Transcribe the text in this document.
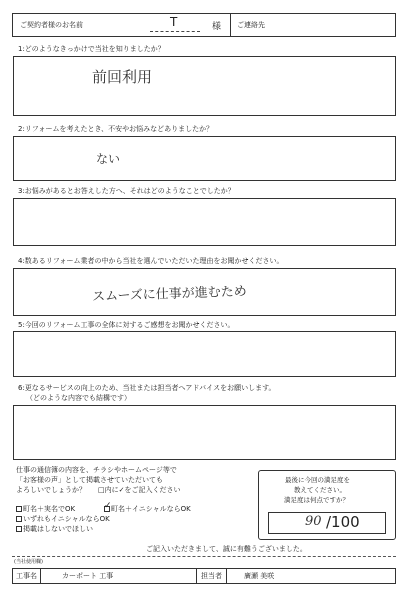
ご契約者様のお名前	T	様 ご連絡先
1:どのようなきっかけで当社を知りましたか？
前回利用
2:リフォームを考えたとき、不安やお悩みなどありましたか？
ない
3:お悩みがあるとお答えした方へ、それはどのようなことでしたか？
4:数あるリフォーム業者の中から当社を選んでいただいた理由をお聞かせください。
スムーズに仕事が進むため
5:今回のリフォーム工事の全体に対するご感想をお聞かせください。
6:更なるサービスの向上のため、当社または担当者へアドバイスをお願いします。
（どのような内容でも結構です）
仕事の通信簿の内容を、チラシやホームページ等で
「お客様の声」として掲載させていただいても
よろしいでしょうか？ □内に✓をご記入ください
町名＋実名でOK	✓ 町名＋イニシャルならOK
いずれもイニシャルならOK
掲載はしないでほしい
最後に今回の満足度を
教えてください。
満足度は何点ですか？
90 /100
ご記入いただきまして、誠に有難うございました。
(当社使用欄)
工事名	カーポート 工事	担当者	廣瀬 美咲
